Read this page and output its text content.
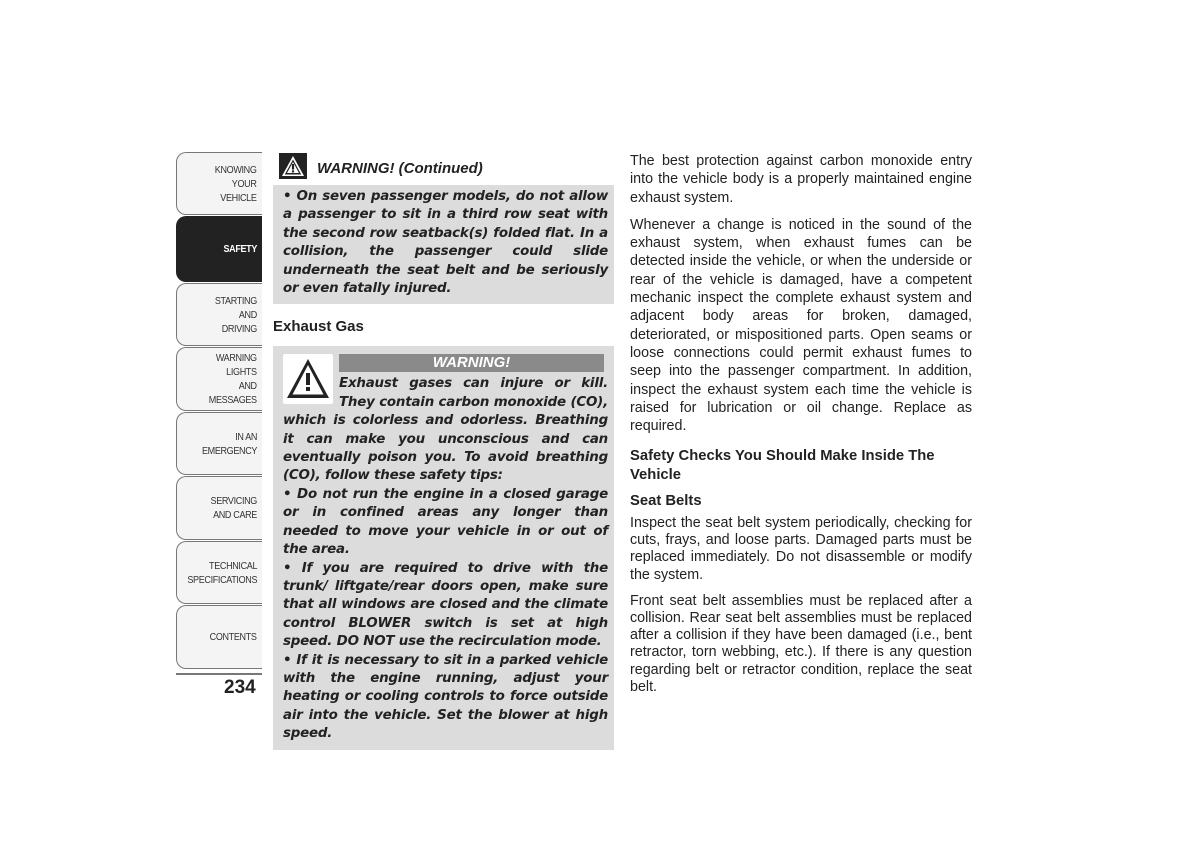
KNOWING
YOUR
VEHICLE
SAFETY
STARTING
AND
DRIVING
WARNING
LIGHTS
AND
MESSAGES
IN AN
EMERGENCY
SERVICING
AND CARE
TECHNICAL
SPECIFICATIONS
CONTENTS
234
WARNING! (Continued)

• On seven passenger models, do not allow a passenger to sit in a third row seat with the second row seatback(s) folded flat. In a collision, the passenger could slide underneath the seat belt and be seriously or even fatally injured.

Exhaust Gas
WARNING!

Exhaust gases can injure or kill. They contain carbon monoxide (CO), which is colorless and odorless. Breathing it can make you unconscious and can eventually poison you. To avoid breathing (CO), follow these safety tips:

• Do not run the engine in a closed garage or in confined areas any longer than needed to move your vehicle in or out of the area.

• If you are required to drive with the trunk/ liftgate/rear doors open, make sure that all windows are closed and the climate control BLOWER switch is set at high speed. DO NOT use the recirculation mode.

• If it is necessary to sit in a parked vehicle with the engine running, adjust your heating or cooling controls to force outside air into the vehicle. Set the blower at high speed.

The best protection against carbon monoxide entry into the vehicle body is a properly maintained engine exhaust system.

Whenever a change is noticed in the sound of the exhaust system, when exhaust fumes can be detected inside the vehicle, or when the underside or rear of the vehicle is damaged, have a competent mechanic inspect the complete exhaust system and adjacent body areas for broken, damaged, deteriorated, or mispositioned parts. Open seams or loose connections could permit exhaust fumes to seep into the passenger compartment. In addition, inspect the exhaust system each time the vehicle is raised for lubrication or oil change. Replace as required.

Safety Checks You Should Make Inside The Vehicle
Seat Belts

Inspect the seat belt system periodically, checking for cuts, frays, and loose parts. Damaged parts must be replaced immediately. Do not disassemble or modify the system.

Front seat belt assemblies must be replaced after a collision. Rear seat belt assemblies must be replaced after a collision if they have been damaged (i.e., bent retractor, torn webbing, etc.). If there is any question regarding belt or retractor condition, replace the seat belt.
